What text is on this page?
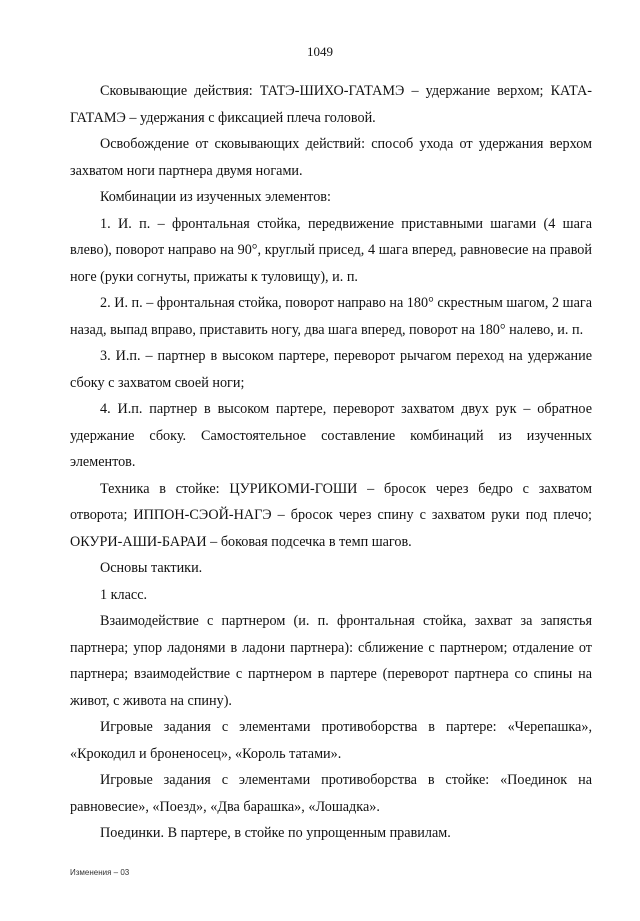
1049

Сковывающие действия: ТАТЭ-ШИХО-ГАТАМЭ – удержание верхом; КАТА-ГАТАМЭ – удержания с фиксацией плеча головой.

Освобождение от сковывающих действий: способ ухода от удержания верхом захватом ноги партнера двумя ногами.

Комбинации из изученных элементов:

1. И. п. – фронтальная стойка, передвижение приставными шагами (4 шага влево), поворот направо на 90°, круглый присед, 4 шага вперед, равновесие на правой ноге (руки согнуты, прижаты к туловищу), и. п.

2. И. п. – фронтальная стойка, поворот направо на 180° скрестным шагом, 2 шага назад, выпад вправо, приставить ногу, два шага вперед, поворот на 180° налево, и. п.

3. И.п. – партнер в высоком партере, переворот рычагом переход на удержание сбоку с захватом своей ноги;

4. И.п. партнер в высоком партере, переворот захватом двух рук – обратное удержание сбоку. Самостоятельное составление комбинаций из изученных элементов.

Техника в стойке: ЦУРИКОМИ-ГОШИ – бросок через бедро с захватом отворота; ИППОН-СЭОЙ-НАГЭ – бросок через спину с захватом руки под плечо; ОКУРИ-АШИ-БАРАИ – боковая подсечка в темп шагов.

Основы тактики.

1 класс.

Взаимодействие с партнером (и. п. фронтальная стойка, захват за запястья партнера; упор ладонями в ладони партнера): сближение с партнером; отдаление от партнера; взаимодействие с партнером в партере (переворот партнера со спины на живот, с живота на спину).

Игровые задания с элементами противоборства в партере: «Черепашка», «Крокодил и броненосец», «Король татами».

Игровые задания с элементами противоборства в стойке: «Поединок на равновесие», «Поезд», «Два барашка», «Лошадка».

Поединки. В партере, в стойке по упрощенным правилам.

Изменения – 03
